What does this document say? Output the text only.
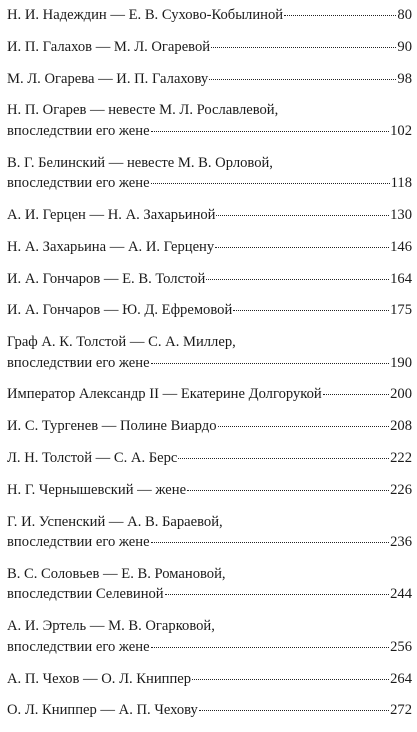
Н. И. Надеждин — Е. В. Сухово-Кобылиной	80
И. П. Галахов — М. Л. Огаревой	90
М. Л. Огарева — И. П. Галахову	98
Н. П. Огарев — невесте М. Л. Рославлевой,
впоследствии его жене	102
В. Г. Белинский — невесте М. В. Орловой,
впоследствии его жене	118
А. И. Герцен — Н. А. Захарьиной	130
Н. А. Захарьина — А. И. Герцену	146
И. А. Гончаров — Е. В. Толстой	164
И. А. Гончаров — Ю. Д. Ефремовой	175
Граф А. К. Толстой — С. А. Миллер,
впоследствии его жене	190
Император Александр II — Екатерине Долгорукой	200
И. С. Тургенев — Полине Виардо	208
Л. Н. Толстой — С. А. Берс	222
Н. Г. Чернышевский — жене	226
Г. И. Успенский — А. В. Бараевой,
впоследствии его жене	236
В. С. Соловьев — Е. В. Романовой,
впоследствии Селевиной	244
А. И. Эртель — М. В. Огарковой,
впоследствии его жене	256
А. П. Чехов — О. Л. Книппер	264
О. Л. Книппер — А. П. Чехову	272
